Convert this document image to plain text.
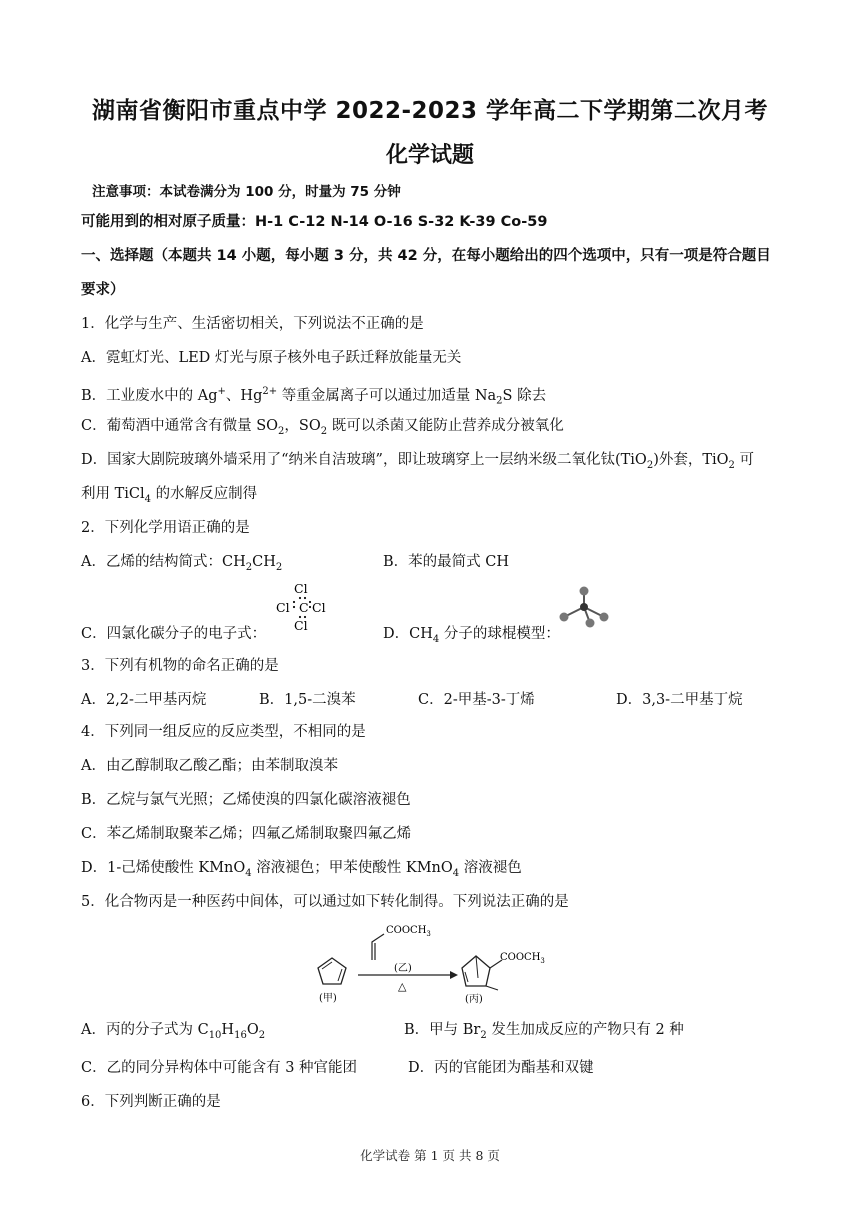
湖南省衡阳市重点中学 2022-2023 学年高二下学期第二次月考
化学试题
注意事项：本试卷满分为 100 分，时量为 75 分钟
可能用到的相对原子质量：H-1 C-12 N-14 O-16 S-32 K-39 Co-59
一、选择题（本题共 14 小题，每小题 3 分，共 42 分，在每小题给出的四个选项中，只有一项是符合题目
要求）
1．化学与生产、生活密切相关，下列说法不正确的是
A．霓虹灯光、LED 灯光与原子核外电子跃迁释放能量无关
B．工业废水中的 Ag+、$Hg^{2+}$ 等重金属离子可以通过加适量 $Na_2S$ 除去
C．葡萄酒中通常含有微量 $SO_2$，$SO_2$ 既可以杀菌又能防止营养成分被氧化
D．国家大剧院玻璃外墙采用了“纳米自洁玻璃”，即让玻璃穿上一层纳米级二氧化钛(TiO$_2$)外套，TiO$_2$ 可
利用 TiCl$_4$ 的水解反应制得
2．下列化学用语正确的是
A．乙烯的结构简式：$CH_2CH_2$	B．苯的最简式 CH
Cl
Cl C Cl
Cl
C．四氯化碳分子的电子式：	D．$CH_4$ 分子的球棍模型：
3．下列有机物的命名正确的是
A．2,2-二甲基丙烷	B．1,5-二溴苯	C．2-甲基-3-丁烯	D．3,3-二甲基丁烷
4．下列同一组反应的反应类型，不相同的是
A．由乙醇制取乙酸乙酯；由苯制取溴苯
B．乙烷与氯气光照；乙烯使溴的四氯化碳溶液褪色
C．苯乙烯制取聚苯乙烯；四氟乙烯制取聚四氟乙烯
D．1-己烯使酸性 KMnO$_4$ 溶液褪色；甲苯使酸性 KMnO$_4$ 溶液褪色
5．化合物丙是一种医药中间体，可以通过如下转化制得。下列说法正确的是
$COOCH_3$
(甲)
(乙)
△
$COOCH_3$
(丙)
A．丙的分子式为 $C_{10}H_{16}O_2$	B．甲与 $Br_2$ 发生加成反应的产物只有 2 种
C．乙的同分异构体中可能含有 3 种官能团	D．丙的官能团为酯基和双键
6．下列判断正确的是
化学试卷 第 1 页 共 8 页
